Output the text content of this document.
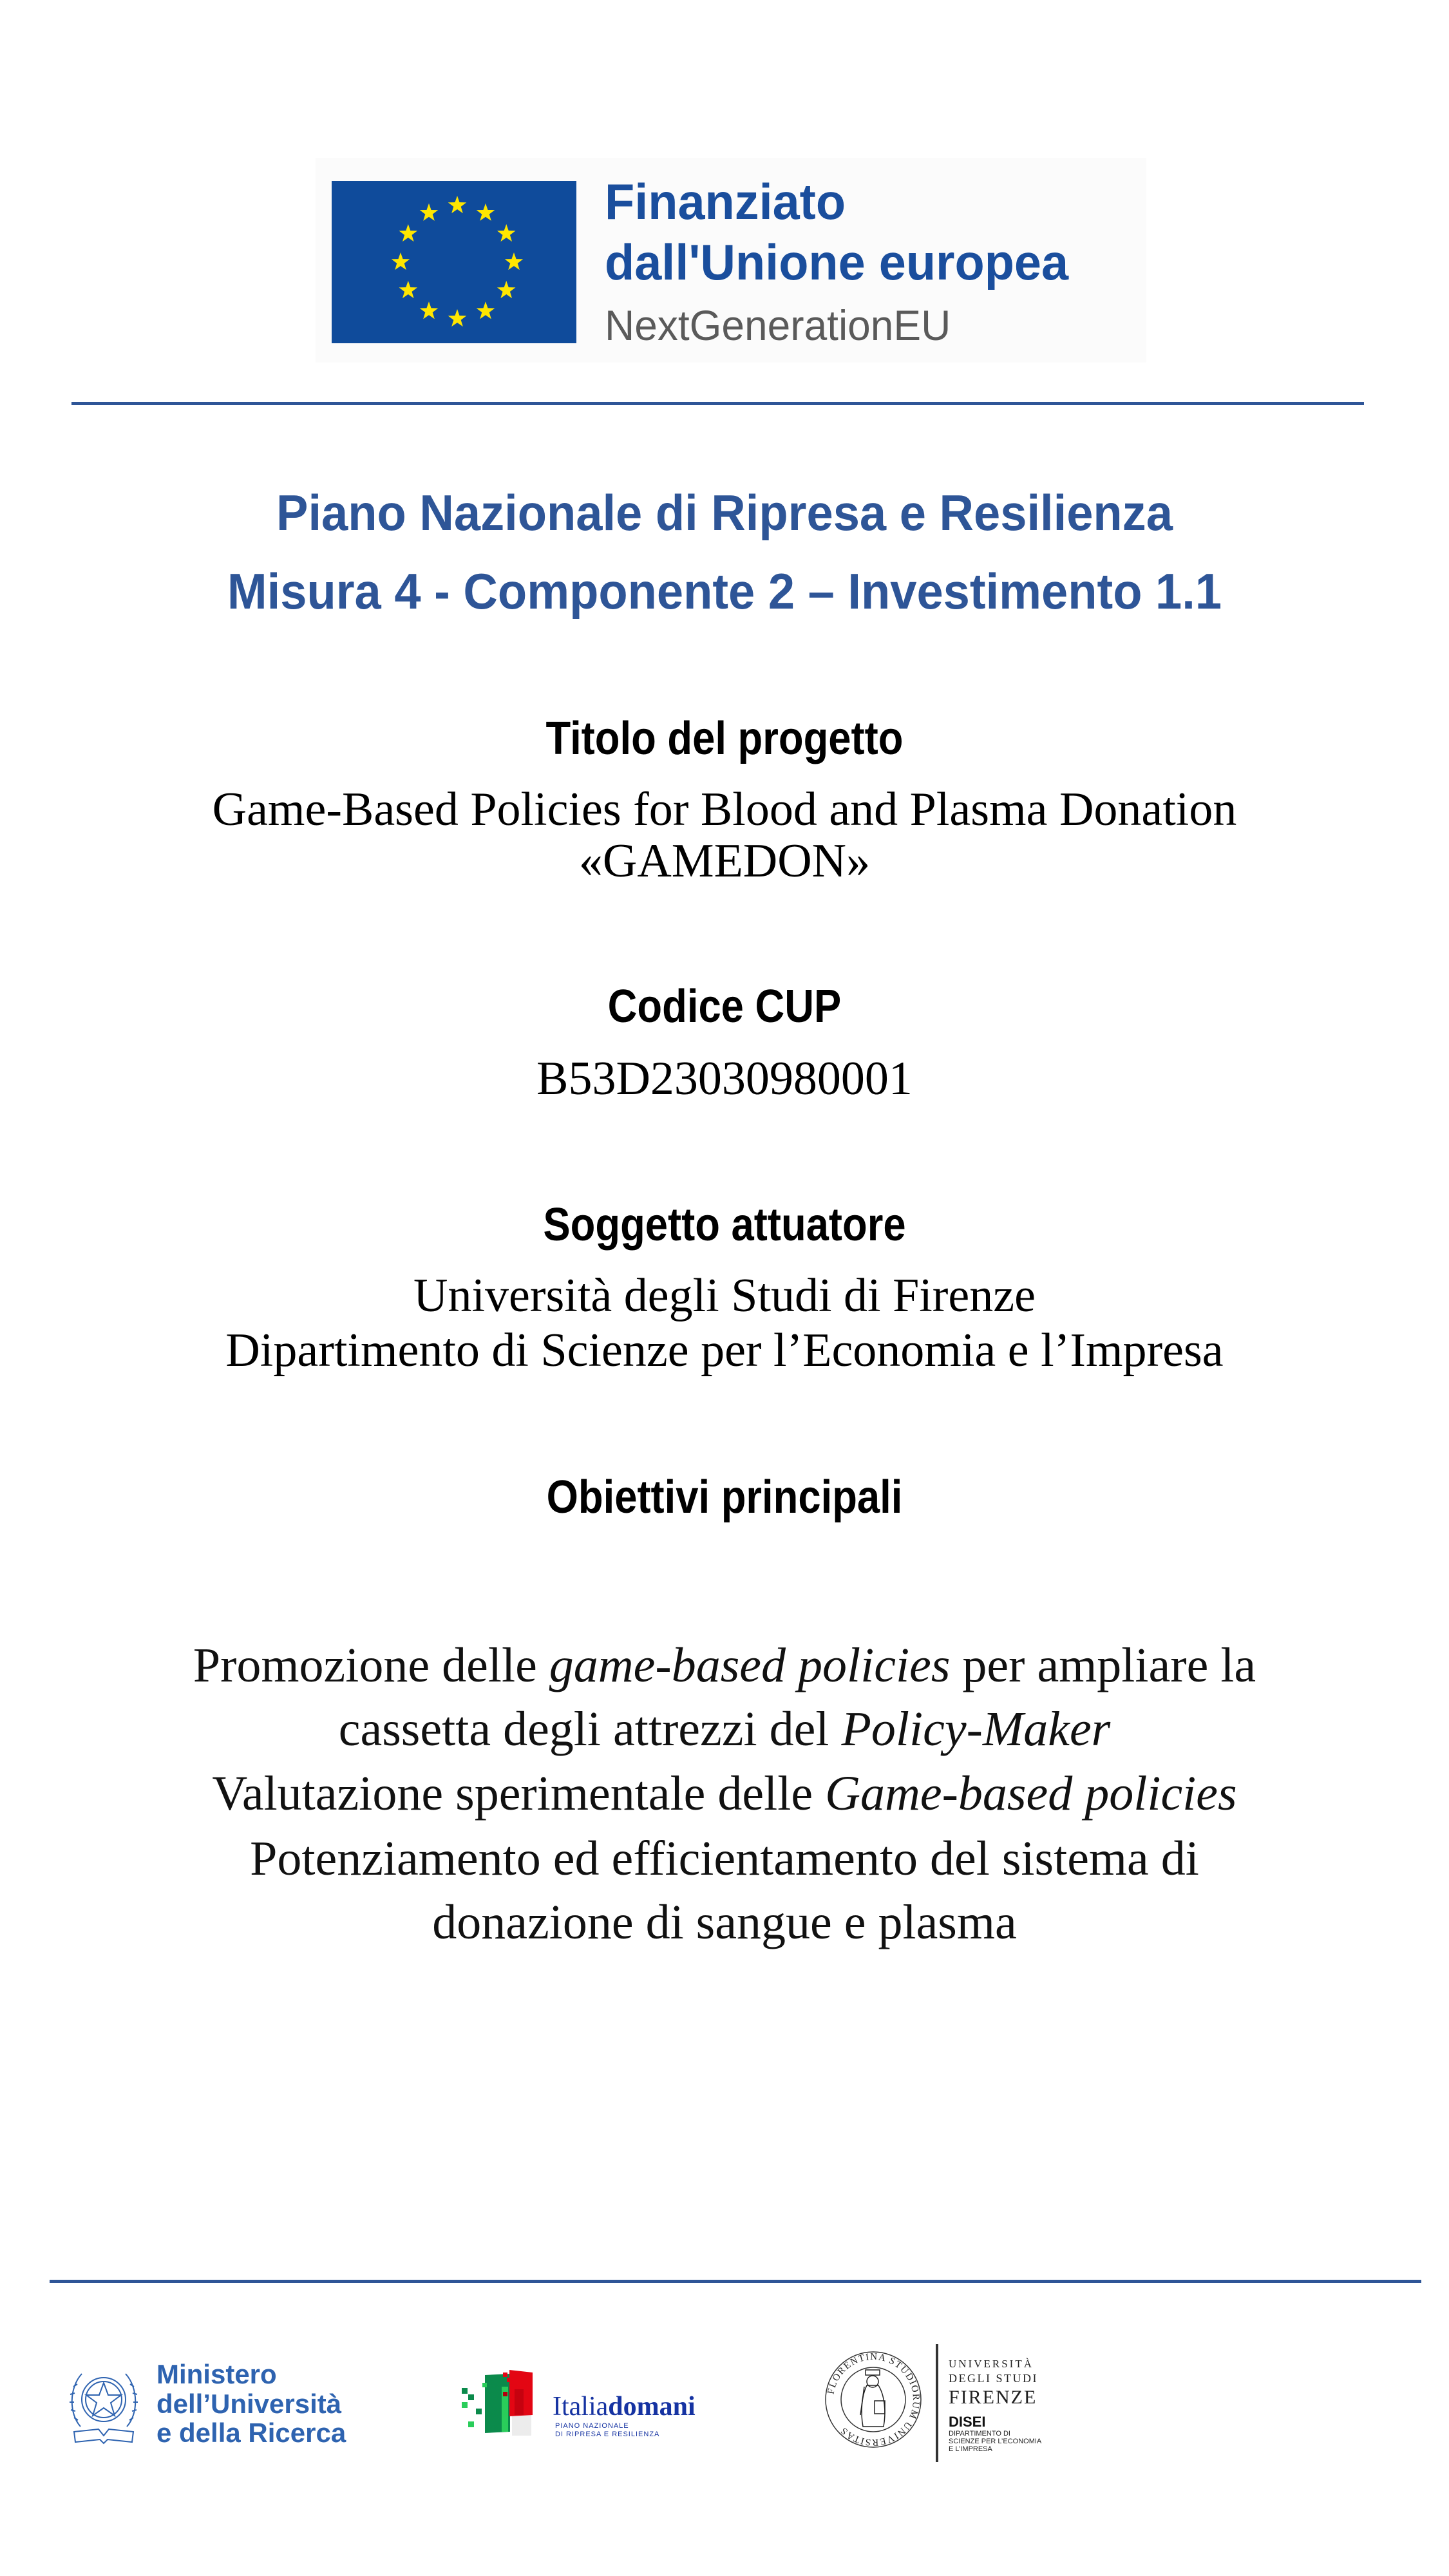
Finanziato
dall'Unione europea
NextGenerationEU
Piano Nazionale di Ripresa e Resilienza
Misura 4 - Componente 2 – Investimento 1.1
Titolo del progetto
Game-Based Policies for Blood and Plasma Donation
«GAMEDON»
Codice CUP
B53D23030980001
Soggetto attuatore
Università degli Studi di Firenze
Dipartimento di Scienze per l’Economia e l’Impresa
Obiettivi principali
Promozione delle game-based policies per ampliare la
cassetta degli attrezzi del Policy-Maker
Valutazione sperimentale delle Game-based policies
Potenziamento ed efficientamento del sistema di
donazione di sangue e plasma
Ministero
dell’Università
e della Ricerca
Italiadomani
PIANO NAZIONALE
DI RIPRESA E RESILIENZA
FLORENTINA STUDIORUM UNIVERSITAS
UNIVERSITÀ
DEGLI STUDI
FIRENZE
DISEI
DIPARTIMENTO DI
SCIENZE PER L’ECONOMIA
E L’IMPRESA
